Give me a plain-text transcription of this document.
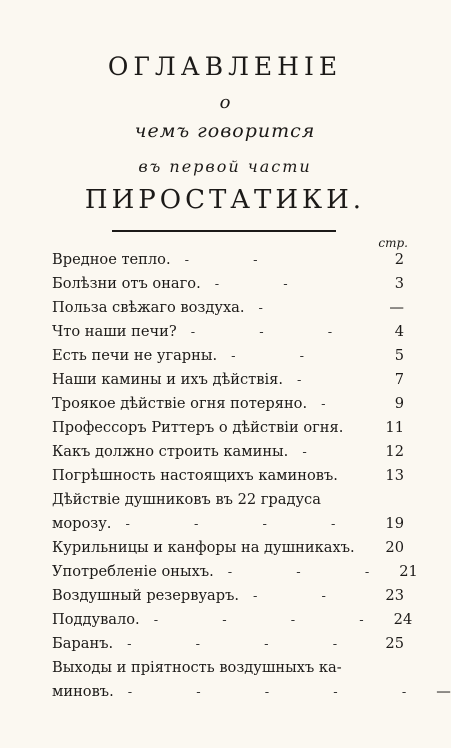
ОГЛАВЛЕНIЕ
о
чемъ говорится
въ первой части
ПИРОСТАТИКИ.
стр.
Вредное тепло.	- -	2
Болѣзни отъ онаго.	- -	3
Польза свѣжаго воздуха.	-	—
Что наши печи?	- - -	4
Есть печи не угарны.	- -	5
Наши камины и ихъ дѣйствiя.	-	7
Троякое дѣйствiе огня потеряно.	-	9
Профессоръ Риттеръ о дѣйствiи огня.	11
Какъ должно строить камины.	-	12
Погрѣшность настоящихъ каминовъ.	13
Дѣйствiе душниковъ въ 22 градуса
морозу.	- - - -	19
Курильницы и канфоры на душникахъ.	20
Употребленiе оныхъ.	- - - 21
Воздушный резервуаръ.	- -	23
Поддувало.	- - - - 24
Баранъ.	- - - -	25
Выходы и прiятность воздушныхъ ка-
миновъ.	- - - - - —
